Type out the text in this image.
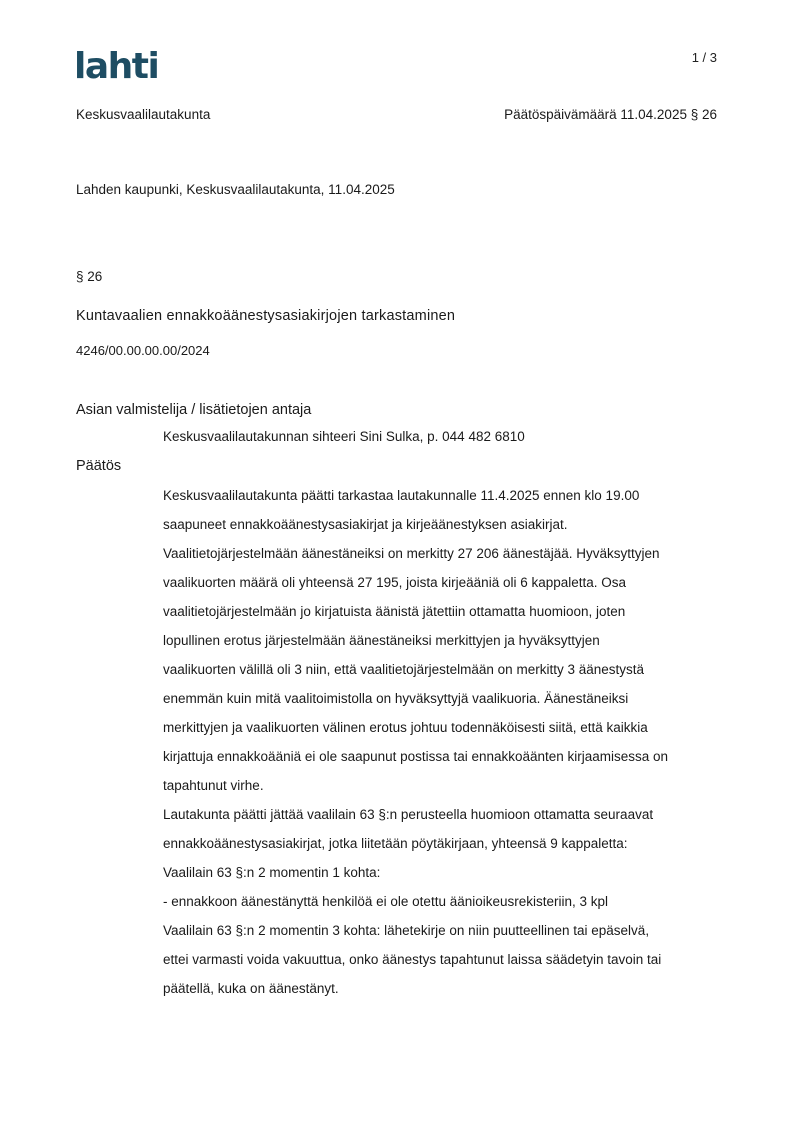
lahti	1 / 3
Keskusvaalilautakunta	Päätöspäivämäärä 11.04.2025 § 26
Lahden kaupunki, Keskusvaalilautakunta, 11.04.2025
§ 26
Kuntavaalien ennakkoäänestysasiakirjojen tarkastaminen
4246/00.00.00.00/2024
Asian valmistelija / lisätietojen antaja
Keskusvaalilautakunnan sihteeri Sini Sulka, p. 044 482 6810
Päätös
Keskusvaalilautakunta päätti tarkastaa lautakunnalle 11.4.2025 ennen klo 19.00
saapuneet ennakkoäänestysasiakirjat ja kirjeäänestyksen asiakirjat.
Vaalitietojärjestelmään äänestäneiksi on merkitty 27 206 äänestäjää. Hyväksyttyjen
vaalikuorten määrä oli yhteensä 27 195, joista kirjeääniä oli 6 kappaletta. Osa
vaalitietojärjestelmään jo kirjatuista äänistä jätettiin ottamatta huomioon, joten
lopullinen erotus järjestelmään äänestäneiksi merkittyjen ja hyväksyttyjen
vaalikuorten välillä oli 3 niin, että vaalitietojärjestelmään on merkitty 3 äänestystä
enemmän kuin mitä vaalitoimistolla on hyväksyttyjä vaalikuoria. Äänestäneiksi
merkittyjen ja vaalikuorten välinen erotus johtuu todennäköisesti siitä, että kaikkia
kirjattuja ennakkoääniä ei ole saapunut postissa tai ennakkoäänten kirjaamisessa on
tapahtunut virhe.
Lautakunta päätti jättää vaalilain 63 §:n perusteella huomioon ottamatta seuraavat
ennakkoäänestysasiakirjat, jotka liitetään pöytäkirjaan, yhteensä 9 kappaletta:
Vaalilain 63 §:n 2 momentin 1 kohta:
- ennakkoon äänestänyttä henkilöä ei ole otettu äänioikeusrekisteriin, 3 kpl
Vaalilain 63 §:n 2 momentin 3 kohta: lähetekirje on niin puutteellinen tai epäselvä,
ettei varmasti voida vakuuttua, onko äänestys tapahtunut laissa säädetyin tavoin tai
päätellä, kuka on äänestänyt.
